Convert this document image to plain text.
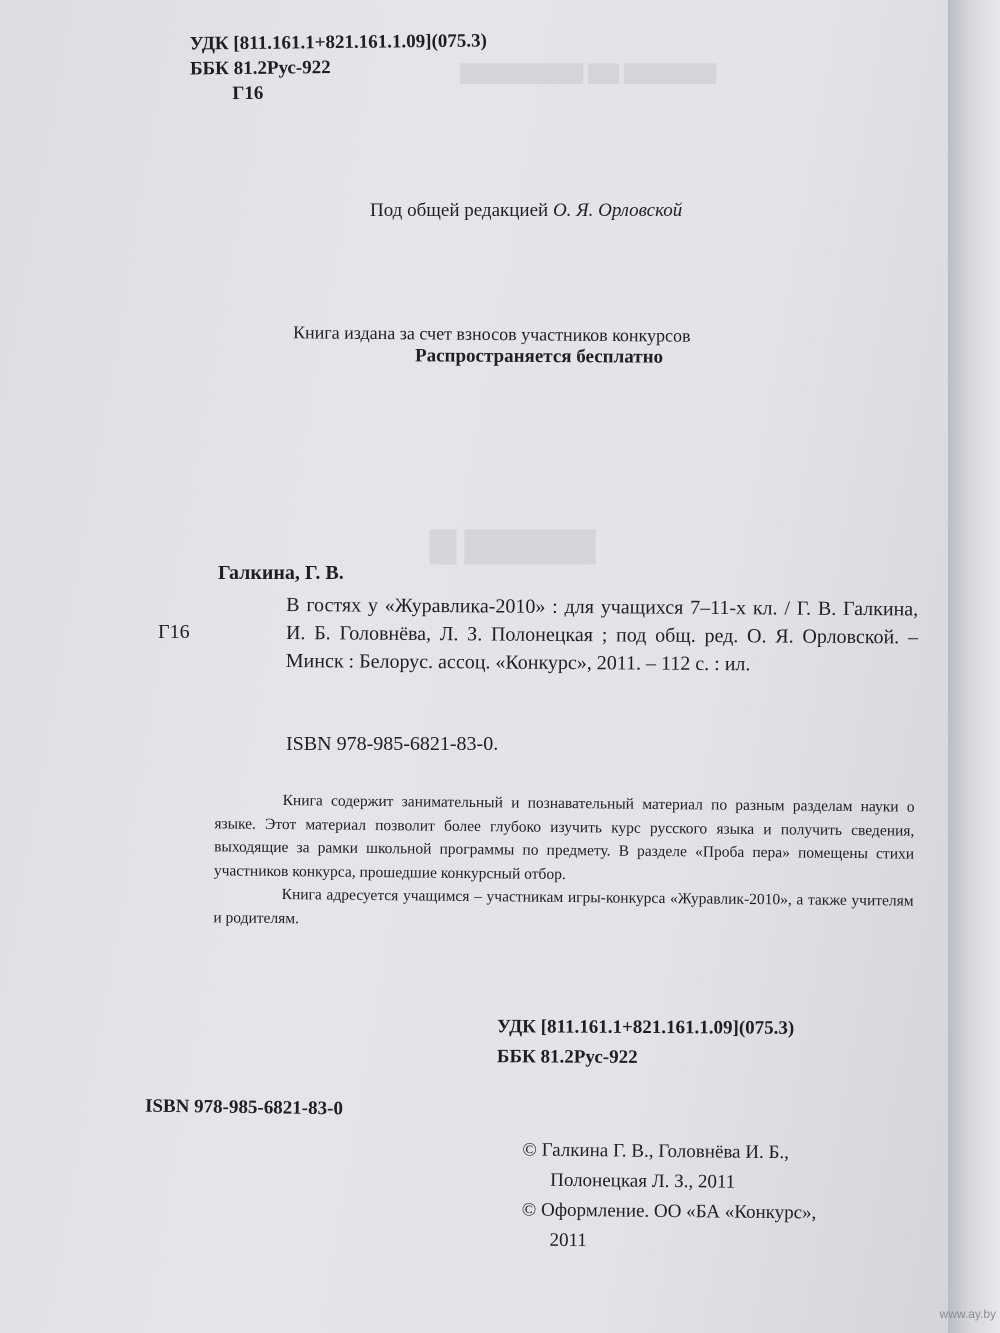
▇▇▇▇▇ ▇
▇▇▇▇▇▇ ▇▇ ▇▇▇▇▇▇▇▇
УДК [811.161.1+821.161.1.09](075.3)
ББК 81.2Рус-922
Г16
Под общей редакцией О. Я. Орловской
Книга издана за счет взносов участников конкурсов
Распространяется бесплатно
Галкина, Г. В.
Г16
В гостях у «Журавлика-2010» : для учащихся 7–11-х кл. / Г. В. Галкина, И. Б. Головнёва, Л. З. Полонецкая ; под общ. ред. О. Я. Орловской. – Минск : Белорус. ассоц. «Конкурс», 2011. – 112 с. : ил.
ISBN 978-985-6821-83-0.

Книга содержит занимательный и познавательный материал по разным разделам науки о языке. Этот материал позволит более глубоко изучить курс русского языка и получить сведения, выходящие за рамки школьной программы по предмету. В разделе «Проба пера» помещены стихи участников конкурса, прошедшие конкурсный отбор.

Книга адресуется учащимся – участникам игры-конкурса «Журавлик-2010», а также учителям и родителям.

УДК [811.161.1+821.161.1.09](075.3)
ББК 81.2Рус-922
ISBN 978-985-6821-83-0
© Галкина Г. В., Головнёва И. Б.,
Полонецкая Л. З., 2011
© Оформление. ОО «БА «Конкурс»,
2011
www.ay.by
